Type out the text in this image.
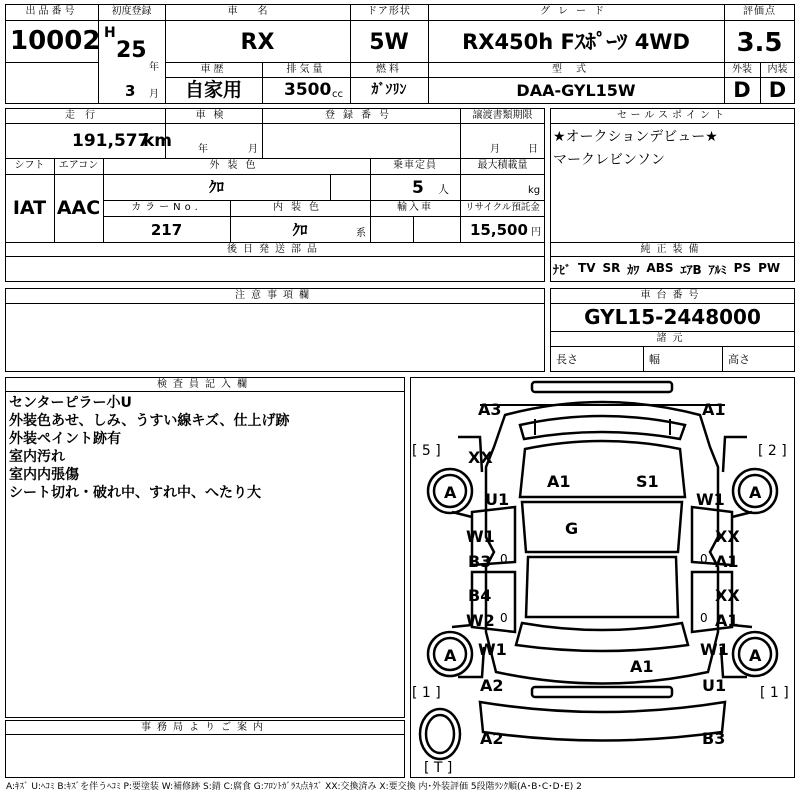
出品番号
10002
初度登録
H
25
年
3 月
車名
RX
ドア形状
5W
グレード
RX450h Fｽﾎﾟｰﾂ 4WD
評価点
3.5
車歴
自家用
排気量
3500 cc
燃料
ｶﾞｿﾘﾝ
型式
DAA-GYL15W
外装
D
内装
D
走行
191,577
km
車検
年	月
登録番号	譲渡書類期限
月	日
シフト
IAT
エアコン
AAC
外装色
ｸﾛ
乗車定員
5 人
最大積載量
kg
カラーNo.
217
内装色
ｸﾛ	系
輸入車	リサイクル預託金
15,500 円
後日発送部品
セールスポイント
★オークションデビュー★
マークレビンソン
純正装備
ﾅﾋﾞ TV SR ｶﾜ ABS ｴｱB ｱﾙﾐ PS PW
注意事項欄	車台番号
GYL15-2448000
諸元
長さ	幅	高さ
検査員記入欄
センターピラー小U
外装色あせ、しみ、うすい線キズ、仕上げ跡
外装ペイント跡有
室内汚れ
室内内張傷
シート切れ・破れ中、すれ中、へたり大
事務局よりご案内
A3	A1
XX
A1	S1
U1	W1
G
W1
B3
XX
A1
B4
W2
XX
A1
W1
A1
W1
A2	U1
A2	B3
A	A
A	A
0	0
0	0
[ 5 ]	[ 2 ]
[ 1 ]	[ 1 ]
[ T ]
A:ｷｽﾞ U:ﾍｺﾐ B:ｷｽﾞを伴うﾍｺﾐ P:要塗装 W:補修跡 S:錆 C:腐食 G:ﾌﾛﾝﾄｶﾞﾗｽ点ｷｽﾞ XX:交換済み X:要交換 内･外装評価 5段階ﾗﾝｸ順(A･B･C･D･E) 2
